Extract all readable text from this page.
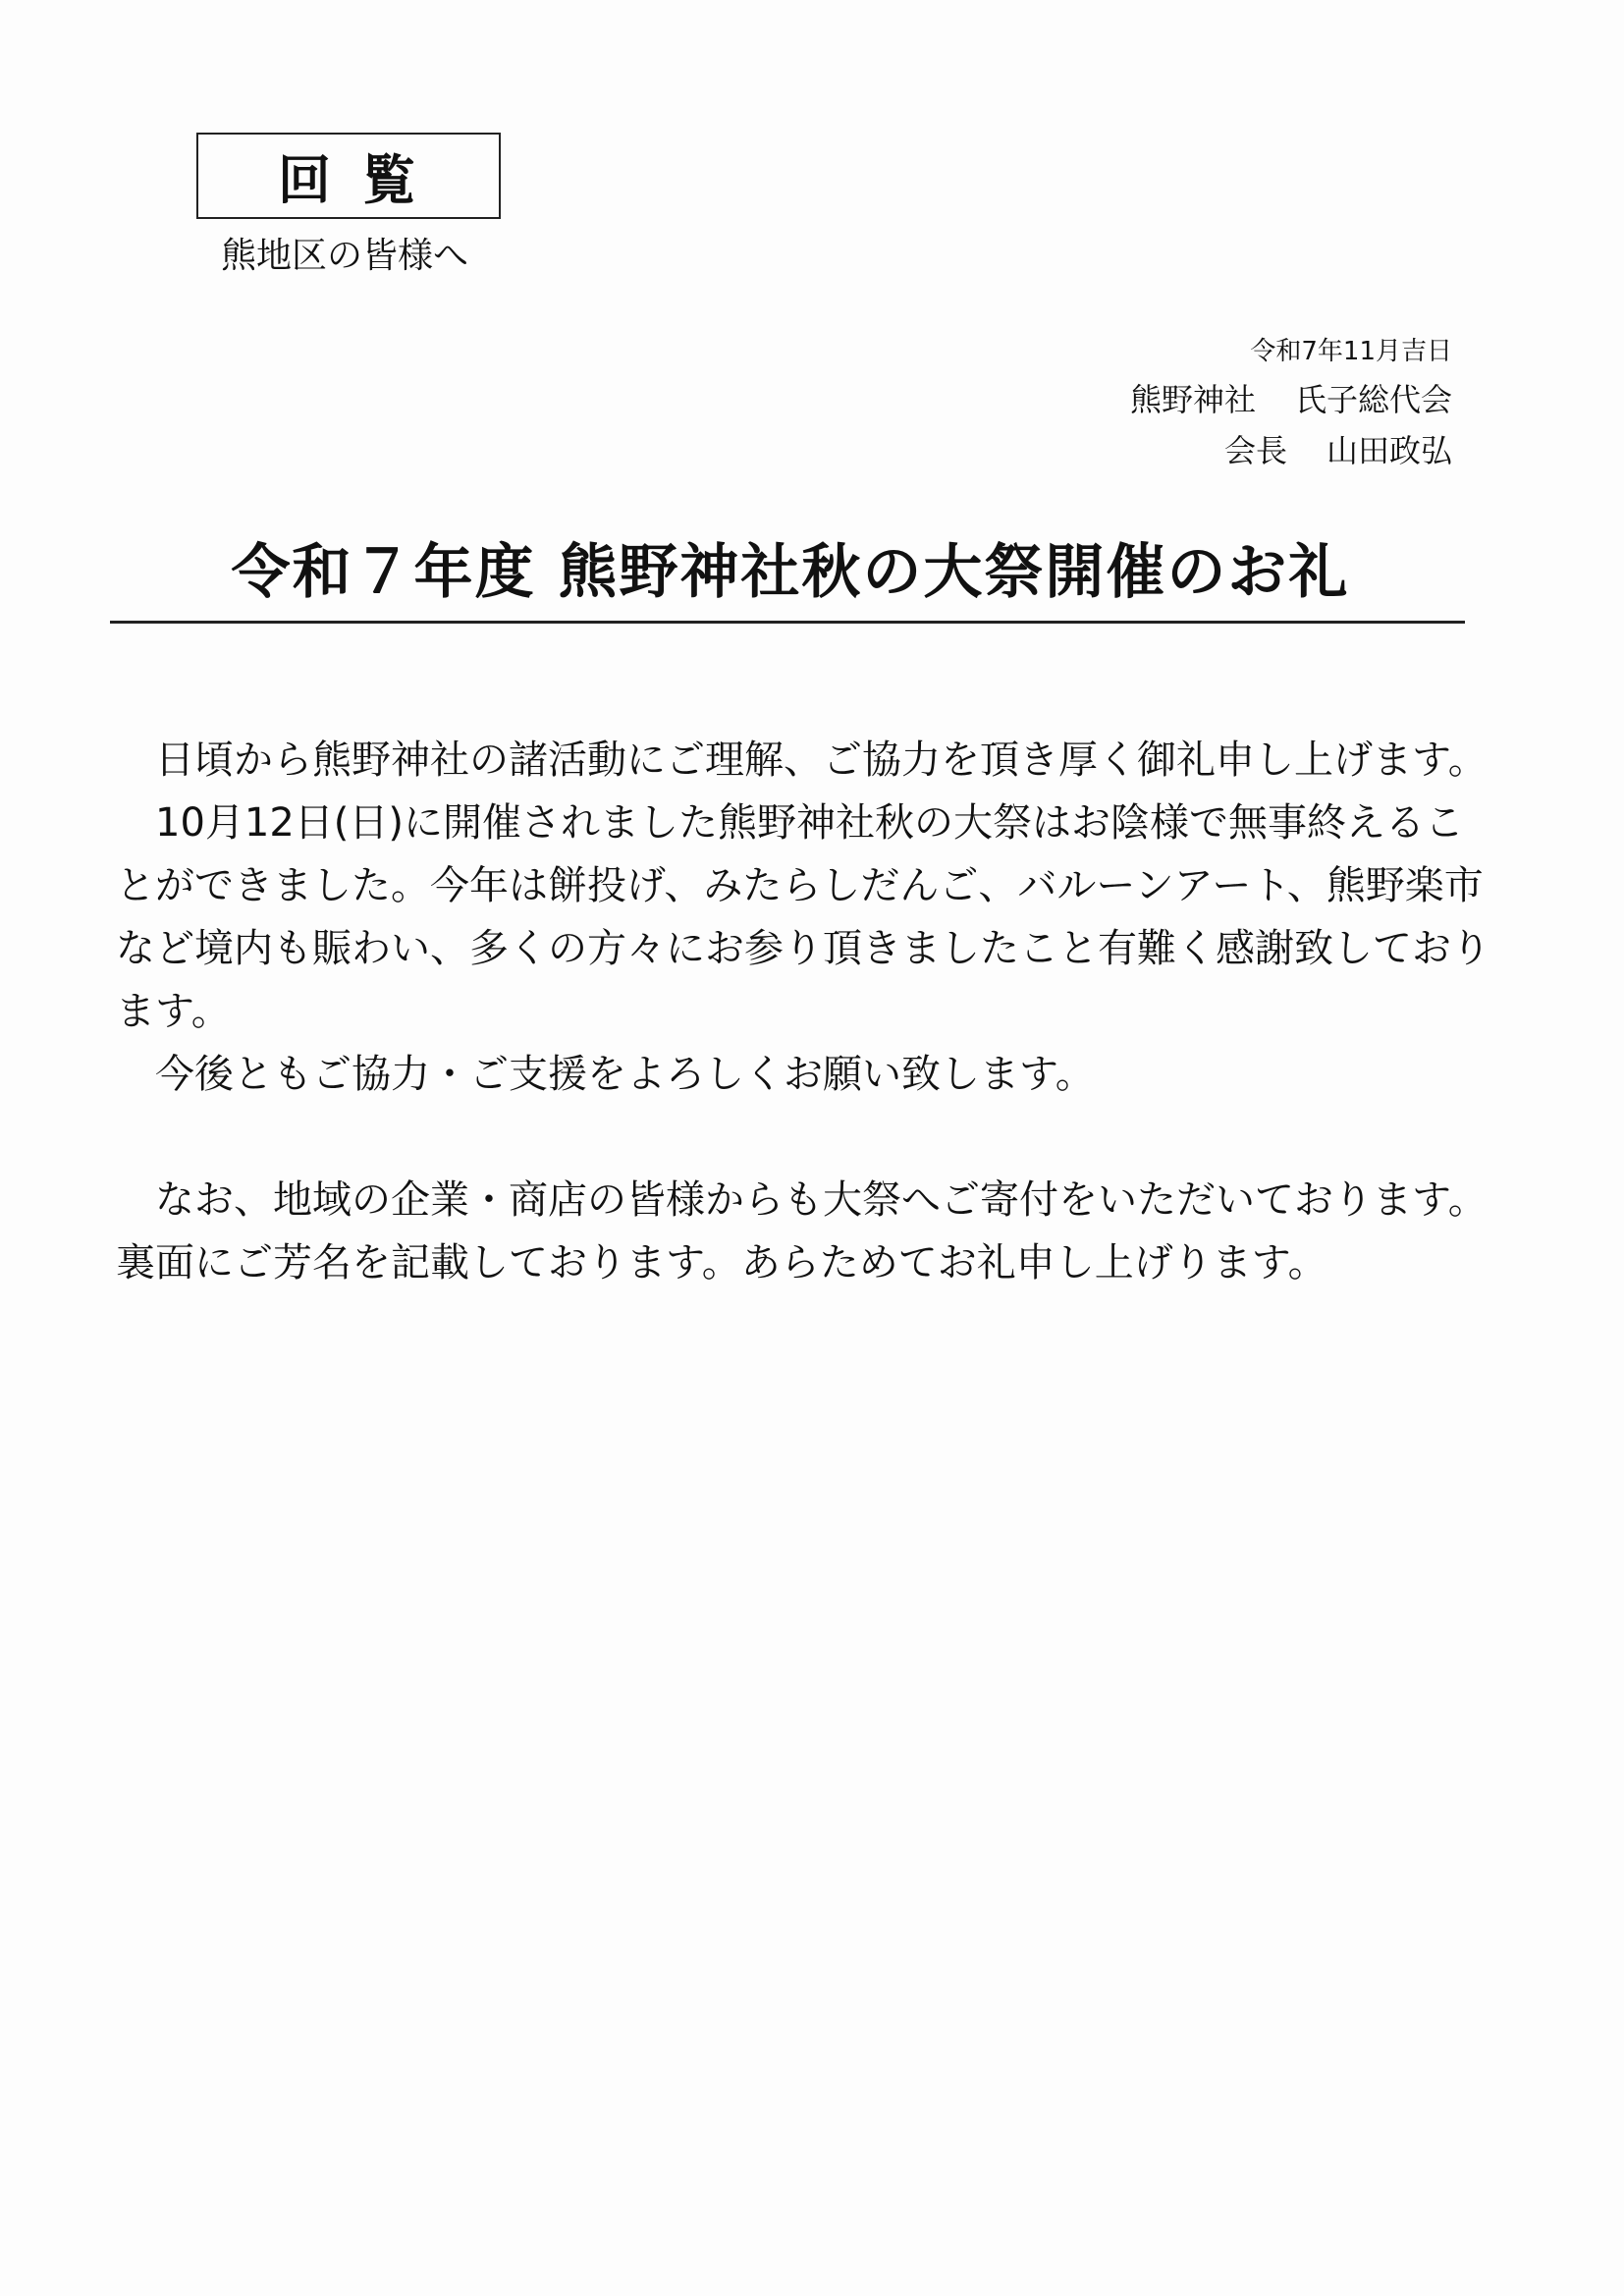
回覧
熊地区の皆様へ
令和7年11月吉日
熊野神社 氏子総代会
会長 山田政弘
令和７年度 熊野神社秋の大祭開催のお礼

日頃から熊野神社の諸活動にご理解、ご協力を頂き厚く御礼申し上げます。

10月12日(日)に開催されました熊野神社秋の大祭はお陰様で無事終えることができました。今年は餅投げ、みたらしだんご、バルーンアート、熊野楽市など境内も賑わい、多くの方々にお参り頂きましたこと有難く感謝致しております。

今後ともご協力・ご支援をよろしくお願い致します。

なお、地域の企業・商店の皆様からも大祭へご寄付をいただいております。裏面にご芳名を記載しております。あらためてお礼申し上げります。
